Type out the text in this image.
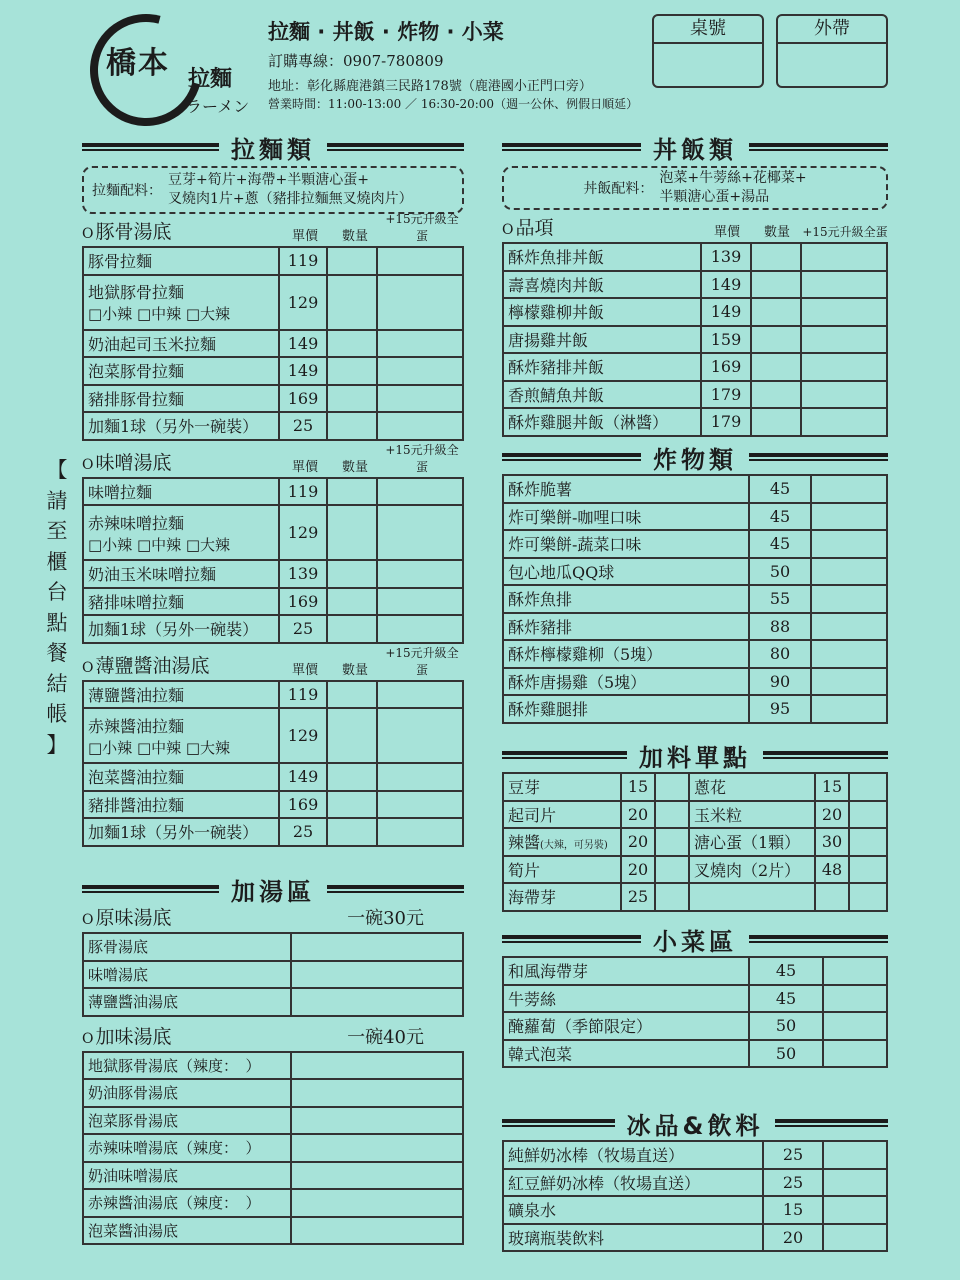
橋本 拉麵
ラーメン
拉麵 · 丼飯 · 炸物 · 小菜
訂購專線：0907-780809
地址：彰化縣鹿港鎮三民路178號（鹿港國小正門口旁）
營業時間：11:00-13:00 ／ 16:30-20:00（週一公休、例假日順延）
桌號	外帶
【
請
至
櫃
台
點
餐
結
帳
】
拉麵類
拉麵配料：
豆芽+筍片+海帶+半顆溏心蛋+
叉燒肉1片+蔥（豬排拉麵無叉燒肉片）
O 豚骨湯底	單價	數量
+15元升級全蛋
豚骨拉麵	119		

地獄豚骨拉麵
□小辣 □中辣 □大辣	129		
奶油起司玉米拉麵	149		
泡菜豚骨拉麵	149		
豬排豚骨拉麵	169		
加麵1球（另外一碗裝）	25		
O 味噌湯底	單價	數量
+15元升級全蛋
味噌拉麵	119		

赤辣味噌拉麵
□小辣 □中辣 □大辣	129		
奶油玉米味噌拉麵	139		
豬排味噌拉麵	169		
加麵1球（另外一碗裝）	25		
O 薄鹽醬油湯底	單價	數量
+15元升級全蛋
薄鹽醬油拉麵	119		

赤辣醬油拉麵
□小辣 □中辣 □大辣	129		
泡菜醬油拉麵	149		
豬排醬油拉麵	169		
加麵1球（另外一碗裝）	25		
加湯區
O 原味湯底	一碗30元
豚骨湯底	
味噌湯底	
薄鹽醬油湯底	
O 加味湯底	一碗40元
地獄豚骨湯底（辣度：　）	
奶油豚骨湯底	
泡菜豚骨湯底	
赤辣味噌湯底（辣度：　）	
奶油味噌湯底	
赤辣醬油湯底（辣度：　）	
泡菜醬油湯底	
丼飯類
丼飯配料：
泡菜+牛蒡絲+花椰菜+
半顆溏心蛋+湯品
O 品項	單價	數量	+15元升級全蛋
酥炸魚排丼飯	139		
壽喜燒肉丼飯	149		
檸檬雞柳丼飯	149		
唐揚雞丼飯	159		
酥炸豬排丼飯	169		
香煎鯖魚丼飯	179		
酥炸雞腿丼飯（淋醬）	179		
炸物類
酥炸脆薯	45	
炸可樂餅-咖哩口味	45	
炸可樂餅-蔬菜口味	45	
包心地瓜QQ球	50	
酥炸魚排	55	
酥炸豬排	88	
酥炸檸檬雞柳（5塊）	80	
酥炸唐揚雞（5塊）	90	
酥炸雞腿排	95	
加料單點
豆芽	15		蔥花	15	
起司片	20		玉米粒	20	
辣醬(大辣，可另裝)	20		溏心蛋（1顆）	30	
筍片	20		叉燒肉（2片）	48	
海帶芽	25				
小菜區
和風海帶芽	45	
牛蒡絲	45	
醃蘿蔔（季節限定）	50	
韓式泡菜	50	
冰品&飲料
純鮮奶冰棒（牧場直送）	25	
紅豆鮮奶冰棒（牧場直送）	25	
礦泉水	15	
玻璃瓶裝飲料	20	
